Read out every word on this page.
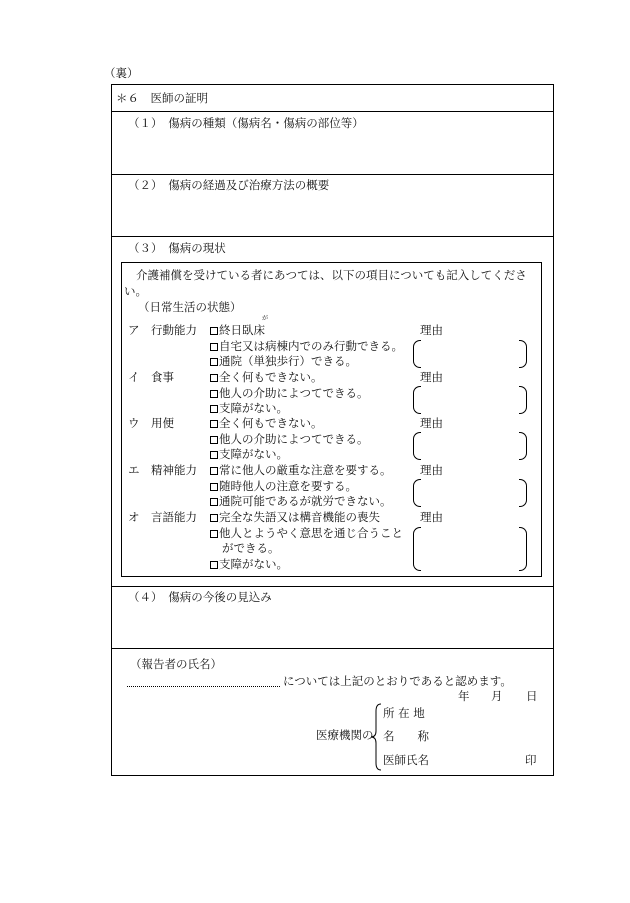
（裏）
＊６　医師の証明
（１）　傷病の種類（傷病名・傷病の部位等）
（２）　傷病の経過及び治療方法の概要
（３）　傷病の現状
（４）　傷病の今後の見込み
介護補償を受けている者にあつては、以下の項目についても記入してくださ
い。
（日常生活の状態）
が
ア　行動能力	終日臥床
自宅又は病棟内でのみ行動できる。
通院（単独歩行）できる。
理由
イ　食事	全く何もできない。
他人の介助によつてできる。
支障がない。
理由
ウ　用便	全く何もできない。
他人の介助によつてできる。
支障がない。
理由
エ　精神能力	常に他人の厳重な注意を要する。
随時他人の注意を要する。
通院可能であるが就労できない。
理由
オ　言語能力	完全な失語又は構音機能の喪失
他人とようやく意思を通じ合うこと
ができる。
支障がない。
理由
（報告者の氏名）
については上記のとおりであると認めます。
年 月 日
医療機関の
所 在 地
名　　称
医師氏名	印
